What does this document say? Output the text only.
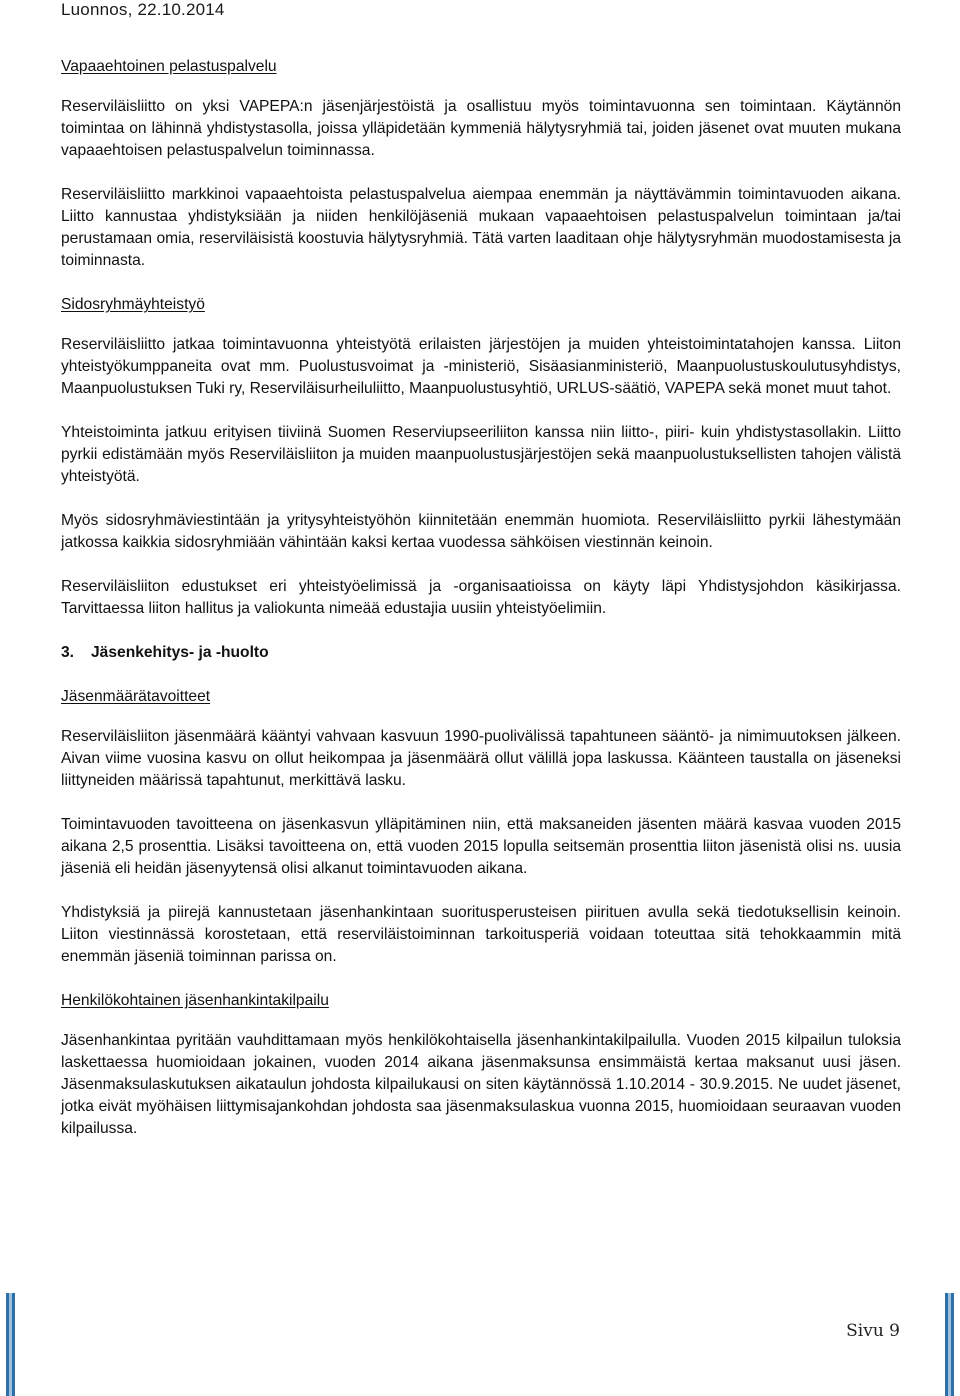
Luonnos, 22.10.2014
Vapaaehtoinen pelastuspalvelu

Reserviläisliitto on yksi VAPEPA:n jäsenjärjestöistä ja osallistuu myös toimintavuonna sen toimintaan. Käytännön toimintaa on lähinnä yhdistystasolla, joissa ylläpidetään kymmeniä hälytysryhmiä tai, joiden jäsenet ovat muuten mukana vapaaehtoisen pelastuspalvelun toiminnassa.

Reserviläisliitto markkinoi vapaaehtoista pelastuspalvelua aiempaa enemmän ja näyttävämmin toimintavuoden aikana. Liitto kannustaa yhdistyksiään ja niiden henkilöjäseniä mukaan vapaaehtoisen pelastuspalvelun toimintaan ja/tai perustamaan omia, reserviläisistä koostuvia hälytysryhmiä. Tätä varten laaditaan ohje hälytysryhmän muodostamisesta ja toiminnasta.

Sidosryhmäyhteistyö

Reserviläisliitto jatkaa toimintavuonna yhteistyötä erilaisten järjestöjen ja muiden yhteistoimintatahojen kanssa. Liiton yhteistyökumppaneita ovat mm. Puolustusvoimat ja -ministeriö, Sisäasianministeriö, Maanpuolustuskoulutusyhdistys, Maanpuolustuksen Tuki ry, Reserviläisurheiluliitto, Maanpuolustusyhtiö, URLUS-säätiö, VAPEPA sekä monet muut tahot.

Yhteistoiminta jatkuu erityisen tiiviinä Suomen Reserviupseeriliiton kanssa niin liitto-, piiri- kuin yhdistystasollakin. Liitto pyrkii edistämään myös Reserviläisliiton ja muiden maanpuolustusjärjestöjen sekä maanpuolustuksellisten tahojen välistä yhteistyötä.

Myös sidosryhmäviestintään ja yritysyhteistyöhön kiinnitetään enemmän huomiota. Reserviläisliitto pyrkii lähestymään jatkossa kaikkia sidosryhmiään vähintään kaksi kertaa vuodessa sähköisen viestinnän keinoin.

Reserviläisliiton edustukset eri yhteistyöelimissä ja -organisaatioissa on käyty läpi Yhdistysjohdon käsikirjassa. Tarvittaessa liiton hallitus ja valiokunta nimeää edustajia uusiin yhteistyöelimiin.

3. Jäsenkehitys- ja -huolto
Jäsenmäärätavoitteet

Reserviläisliiton jäsenmäärä kääntyi vahvaan kasvuun 1990-puolivälissä tapahtuneen sääntö- ja nimimuutoksen jälkeen. Aivan viime vuosina kasvu on ollut heikompaa ja jäsenmäärä ollut välillä jopa laskussa. Käänteen taustalla on jäseneksi liittyneiden määrissä tapahtunut, merkittävä lasku.

Toimintavuoden tavoitteena on jäsenkasvun ylläpitäminen niin, että maksaneiden jäsenten määrä kasvaa vuoden 2015 aikana 2,5 prosenttia. Lisäksi tavoitteena on, että vuoden 2015 lopulla seitsemän prosenttia liiton jäsenistä olisi ns. uusia jäseniä eli heidän jäsenyytensä olisi alkanut toimintavuoden aikana.

Yhdistyksiä ja piirejä kannustetaan jäsenhankintaan suoritusperusteisen piirituen avulla sekä tiedotuksellisin keinoin. Liiton viestinnässä korostetaan, että reserviläistoiminnan tarkoitusperiä voidaan toteuttaa sitä tehokkaammin mitä enemmän jäseniä toiminnan parissa on.

Henkilökohtainen jäsenhankintakilpailu

Jäsenhankintaa pyritään vauhdittamaan myös henkilökohtaisella jäsenhankintakilpailulla. Vuoden 2015 kilpailun tuloksia laskettaessa huomioidaan jokainen, vuoden 2014 aikana jäsenmaksunsa ensimmäistä kertaa maksanut uusi jäsen. Jäsenmaksulaskutuksen aikataulun johdosta kilpailukausi on siten käytännössä 1.10.2014 - 30.9.2015. Ne uudet jäsenet, jotka eivät myöhäisen liittymisajankohdan johdosta saa jäsenmaksulaskua vuonna 2015, huomioidaan seuraavan vuoden kilpailussa.

Sivu 9
